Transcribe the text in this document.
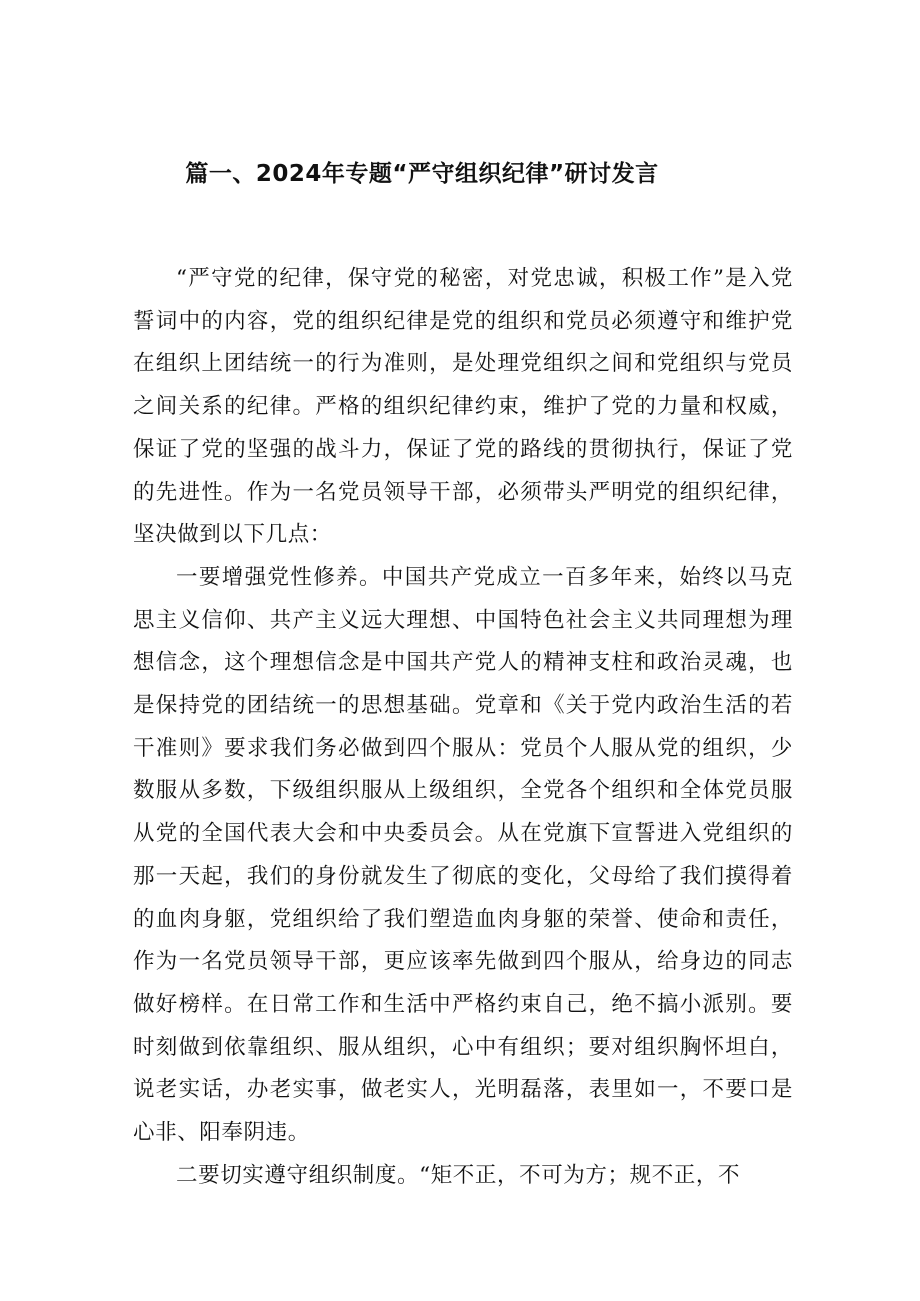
篇一、2024年专题“严守组织纪律”研讨发言

“严守党的纪律，保守党的秘密，对党忠诚，积极工作”是入党誓词中的内容，党的组织纪律是党的组织和党员必须遵守和维护党在组织上团结统一的行为准则，是处理党组织之间和党组织与党员之间关系的纪律。严格的组织纪律约束，维护了党的力量和权威，保证了党的坚强的战斗力，保证了党的路线的贯彻执行，保证了党的先进性。作为一名党员领导干部，必须带头严明党的组织纪律，坚决做到以下几点：

一要增强党性修养。中国共产党成立一百多年来，始终以马克思主义信仰、共产主义远大理想、中国特色社会主义共同理想为理想信念，这个理想信念是中国共产党人的精神支柱和政治灵魂，也是保持党的团结统一的思想基础。党章和《关于党内政治生活的若干准则》要求我们务必做到四个服从：党员个人服从党的组织，少数服从多数，下级组织服从上级组织，全党各个组织和全体党员服从党的全国代表大会和中央委员会。从在党旗下宣誓进入党组织的那一天起，我们的身份就发生了彻底的变化，父母给了我们摸得着的血肉身躯，党组织给了我们塑造血肉身躯的荣誉、使命和责任，作为一名党员领导干部，更应该率先做到四个服从，给身边的同志做好榜样。在日常工作和生活中严格约束自己，绝不搞小派别。要时刻做到依靠组织、服从组织，心中有组织；要对组织胸怀坦白，说老实话，办老实事，做老实人，光明磊落，表里如一，不要口是心非、阳奉阴违。

二要切实遵守组织制度。“矩不正，不可为方；规不正，不
